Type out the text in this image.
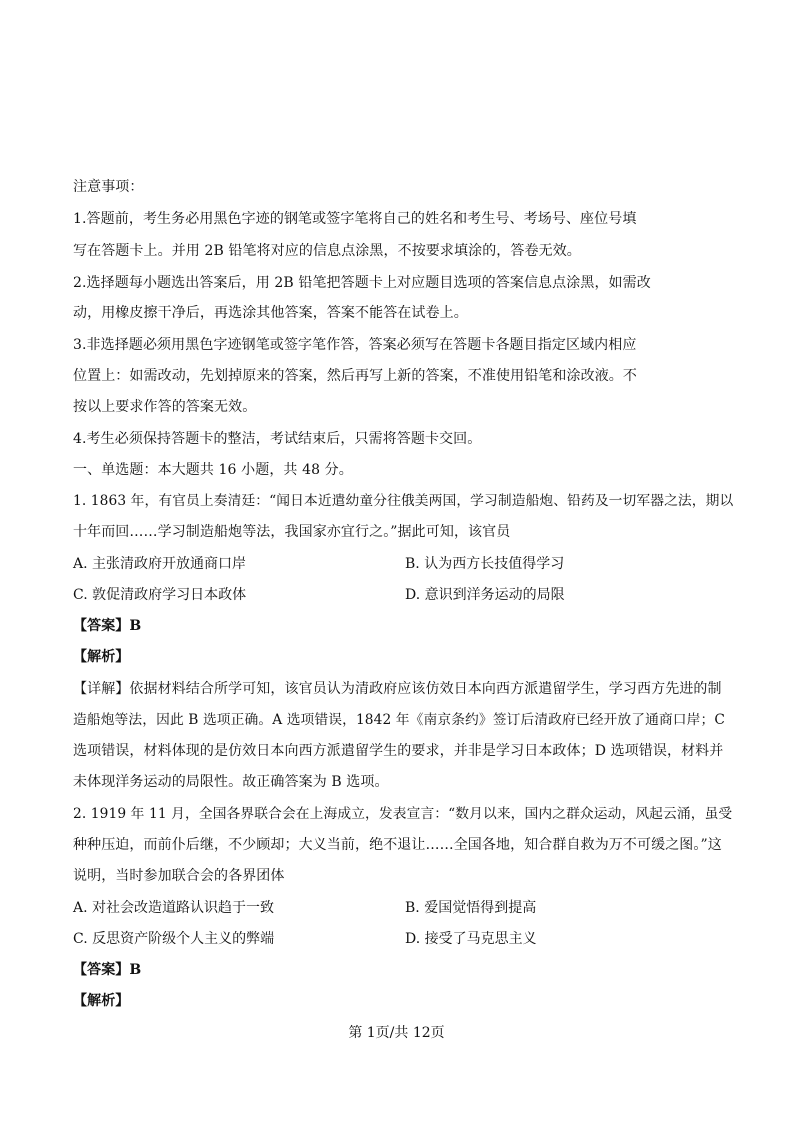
注意事项：
1.答题前，考生务必用黑色字迹的钢笔或签字笔将自己的姓名和考生号、考场号、座位号填
写在答题卡上。并用 2B 铅笔将对应的信息点涂黑，不按要求填涂的，答卷无效。
2.选择题每小题选出答案后，用 2B 铅笔把答题卡上对应题目选项的答案信息点涂黑，如需改
动，用橡皮擦干净后，再选涂其他答案，答案不能答在试卷上。
3.非选择题必须用黑色字迹钢笔或签字笔作答，答案必须写在答题卡各题目指定区域内相应
位置上：如需改动，先划掉原来的答案，然后再写上新的答案，不准使用铅笔和涂改液。不
按以上要求作答的答案无效。
4.考生必须保持答题卡的整洁，考试结束后，只需将答题卡交回。
一、单选题：本大题共 16 小题，共 48 分。
1. 1863 年，有官员上奏清廷：“闻日本近遣幼童分往俄美两国，学习制造船炮、铅药及一切军器之法，期以
十年而回……学习制造船炮等法，我国家亦宜行之。”据此可知，该官员
A. 主张清政府开放通商口岸	B. 认为西方长技值得学习
C. 敦促清政府学习日本政体	D. 意识到洋务运动的局限
【答案】B
【解析】
【详解】依据材料结合所学可知，该官员认为清政府应该仿效日本向西方派遣留学生，学习西方先进的制
造船炮等法，因此 B 选项正确。A 选项错误，1842 年《南京条约》签订后清政府已经开放了通商口岸；C
选项错误，材料体现的是仿效日本向西方派遣留学生的要求，并非是学习日本政体；D 选项错误，材料并
未体现洋务运动的局限性。故正确答案为 B 选项。
2. 1919 年 11 月，全国各界联合会在上海成立，发表宣言：“数月以来，国内之群众运动，风起云涌，虽受
种种压迫，而前仆后继，不少顾却；大义当前，绝不退让……全国各地，知合群自救为万不可缓之图。”这
说明，当时参加联合会的各界团体
A. 对社会改造道路认识趋于一致	B. 爱国觉悟得到提高
C. 反思资产阶级个人主义的弊端	D. 接受了马克思主义
【答案】B
【解析】
第 1页/共 12页
